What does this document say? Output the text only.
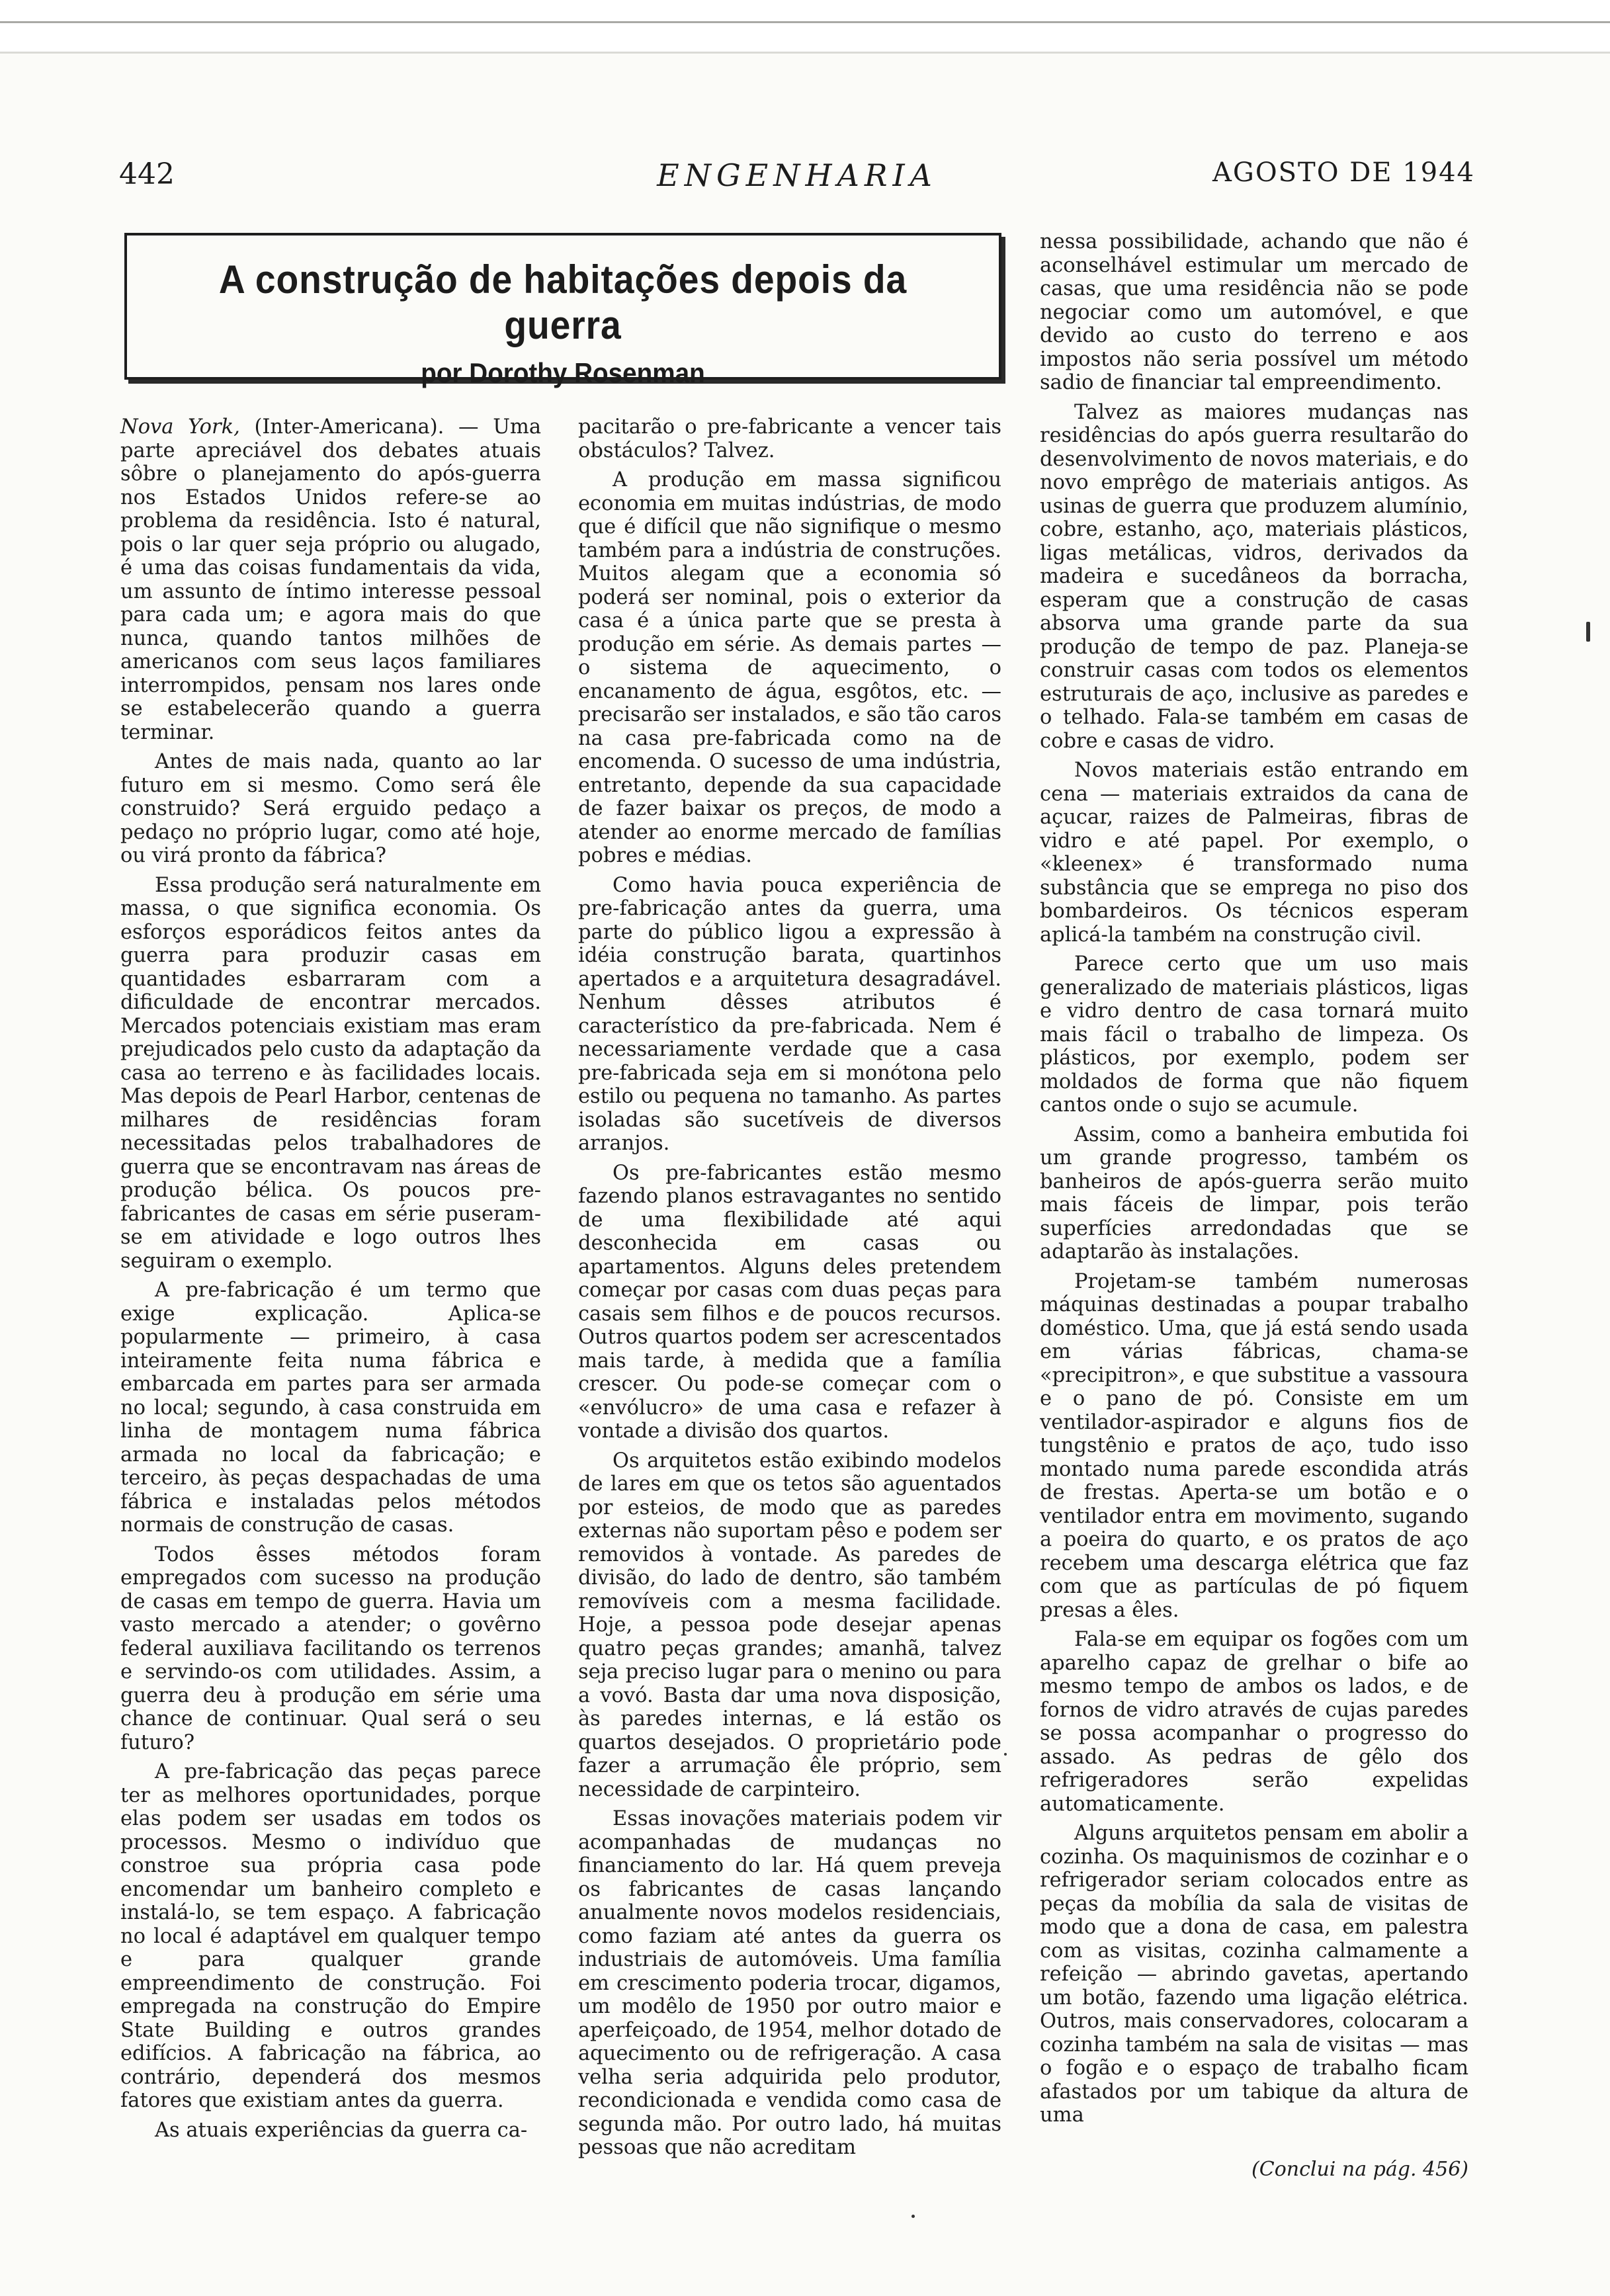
442	ENGENHARIA	AGOSTO DE 1944
A construção de habitações depois da guerra
por Dorothy Rosenman

Nova York, (Inter-Americana). — Uma parte apreciável dos debates atuais sôbre o planejamento do após-guerra nos Estados Unidos refere-se ao problema da residência. Isto é natural, pois o lar quer seja próprio ou alugado, é uma das coisas fundamentais da vida, um assunto de íntimo interesse pessoal para cada um; e agora mais do que nunca, quando tantos milhões de americanos com seus laços familiares interrompidos, pensam nos lares onde se estabelecerão quando a guerra terminar.

Antes de mais nada, quanto ao lar futuro em si mesmo. Como será êle construido? Será erguido pedaço a pedaço no próprio lugar, como até hoje, ou virá pronto da fábrica?

Essa produção será naturalmente em massa, o que significa economia. Os esforços esporádicos feitos antes da guerra para produzir casas em quantidades esbarraram com a dificuldade de encontrar mercados. Mercados potenciais existiam mas eram prejudicados pelo custo da adaptação da casa ao terreno e às facilidades locais. Mas depois de Pearl Harbor, centenas de milhares de residências foram necessitadas pelos trabalhadores de guerra que se encontravam nas áreas de produção bélica. Os poucos pre-fabricantes de casas em série puseram-se em atividade e logo outros lhes seguiram o exemplo.

A pre-fabricação é um termo que exige explicação. Aplica-se popularmente — primeiro, à casa inteiramente feita numa fábrica e embarcada em partes para ser armada no local; segundo, à casa construida em linha de montagem numa fábrica armada no local da fabricação; e terceiro, às peças despachadas de uma fábrica e instaladas pelos métodos normais de construção de casas.

Todos êsses métodos foram empregados com sucesso na produção de casas em tempo de guerra. Havia um vasto mercado a atender; o govêrno federal auxiliava facilitando os terrenos e servindo-os com utilidades. Assim, a guerra deu à produção em série uma chance de continuar. Qual será o seu futuro?

A pre-fabricação das peças parece ter as melhores oportunidades, porque elas podem ser usadas em todos os processos. Mesmo o indivíduo que constroe sua própria casa pode encomendar um banheiro completo e instalá-lo, se tem espaço. A fabricação no local é adaptável em qualquer tempo e para qualquer grande empreendimento de construção. Foi empregada na construção do Empire State Building e outros grandes edifícios. A fabricação na fábrica, ao contrário, dependerá dos mesmos fatores que existiam antes da guerra.

As atuais experiências da guerra ca-

pacitarão o pre-fabricante a vencer tais obstáculos? Talvez.

A produção em massa significou economia em muitas indústrias, de modo que é difícil que não signifique o mesmo também para a indústria de construções. Muitos alegam que a economia só poderá ser nominal, pois o exterior da casa é a única parte que se presta à produção em série. As demais partes — o sistema de aquecimento, o encanamento de água, esgôtos, etc. — precisarão ser instalados, e são tão caros na casa pre-fabricada como na de encomenda. O sucesso de uma indústria, entretanto, depende da sua capacidade de fazer baixar os preços, de modo a atender ao enorme mercado de famílias pobres e médias.

Como havia pouca experiência de pre-fabricação antes da guerra, uma parte do público ligou a expressão à idéia construção barata, quartinhos apertados e a arquitetura desagradável. Nenhum dêsses atributos é característico da pre-fabricada. Nem é necessariamente verdade que a casa pre-fabricada seja em si monótona pelo estilo ou pequena no tamanho. As partes isoladas são sucetíveis de diversos arranjos.

Os pre-fabricantes estão mesmo fazendo planos estravagantes no sentido de uma flexibilidade até aqui desconhecida em casas ou apartamentos. Alguns deles pretendem começar por casas com duas peças para casais sem filhos e de poucos recursos. Outros quartos podem ser acrescentados mais tarde, à medida que a família crescer. Ou pode-se começar com o «envólucro» de uma casa e refazer à vontade a divisão dos quartos.

Os arquitetos estão exibindo modelos de lares em que os tetos são aguentados por esteios, de modo que as paredes externas não suportam pêso e podem ser removidos à vontade. As paredes de divisão, do lado de dentro, são também removíveis com a mesma facilidade. Hoje, a pessoa pode desejar apenas quatro peças grandes; amanhã, talvez seja preciso lugar para o menino ou para a vovó. Basta dar uma nova disposição, às paredes internas, e lá estão os quartos desejados. O proprietário pode fazer a arrumação êle próprio, sem necessidade de carpinteiro.

Essas inovações materiais podem vir acompanhadas de mudanças no financiamento do lar. Há quem preveja os fabricantes de casas lançando anualmente novos modelos residenciais, como faziam até antes da guerra os industriais de automóveis. Uma família em crescimento poderia trocar, digamos, um modêlo de 1950 por outro maior e aperfeiçoado, de 1954, melhor dotado de aquecimento ou de refrigeração. A casa velha seria adquirida pelo produtor, recondicionada e vendida como casa de segunda mão. Por outro lado, há muitas pessoas que não acreditam

nessa possibilidade, achando que não é aconselhável estimular um mercado de casas, que uma residência não se pode negociar como um automóvel, e que devido ao custo do terreno e aos impostos não seria possível um método sadio de financiar tal empreendimento.

Talvez as maiores mudanças nas residências do após guerra resultarão do desenvolvimento de novos materiais, e do novo emprêgo de materiais antigos. As usinas de guerra que produzem alumínio, cobre, estanho, aço, materiais plásticos, ligas metálicas, vidros, derivados da madeira e sucedâneos da borracha, esperam que a construção de casas absorva uma grande parte da sua produção de tempo de paz. Planeja-se construir casas com todos os elementos estruturais de aço, inclusive as paredes e o telhado. Fala-se também em casas de cobre e casas de vidro.

Novos materiais estão entrando em cena — materiais extraidos da cana de açucar, raizes de Palmeiras, fibras de vidro e até papel. Por exemplo, o «kleenex» é transformado numa substância que se emprega no piso dos bombardeiros. Os técnicos esperam aplicá-la também na construção civil.

Parece certo que um uso mais generalizado de materiais plásticos, ligas e vidro dentro de casa tornará muito mais fácil o trabalho de limpeza. Os plásticos, por exemplo, podem ser moldados de forma que não fiquem cantos onde o sujo se acumule.

Assim, como a banheira embutida foi um grande progresso, também os banheiros de após-guerra serão muito mais fáceis de limpar, pois terão superfícies arredondadas que se adaptarão às instalações.

Projetam-se também numerosas máquinas destinadas a poupar trabalho doméstico. Uma, que já está sendo usada em várias fábricas, chama-se «precipitron», e que substitue a vassoura e o pano de pó. Consiste em um ventilador-aspirador e alguns fios de tungstênio e pratos de aço, tudo isso montado numa parede escondida atrás de frestas. Aperta-se um botão e o ventilador entra em movimento, sugando a poeira do quarto, e os pratos de aço recebem uma descarga elétrica que faz com que as partículas de pó fiquem presas a êles.

Fala-se em equipar os fogões com um aparelho capaz de grelhar o bife ao mesmo tempo de ambos os lados, e de fornos de vidro através de cujas paredes se possa acompanhar o progresso do assado. As pedras de gêlo dos refrigeradores serão expelidas automaticamente.

Alguns arquitetos pensam em abolir a cozinha. Os maquinismos de cozinhar e o refrigerador seriam colocados entre as peças da mobília da sala de visitas de modo que a dona de casa, em palestra com as visitas, cozinha calmamente a refeição — abrindo gavetas, apertando um botão, fazendo uma ligação elétrica. Outros, mais conservadores, colocaram a cozinha também na sala de visitas — mas o fogão e o espaço de trabalho ficam afastados por um tabique da altura de uma

(Conclui na pág. 456)
